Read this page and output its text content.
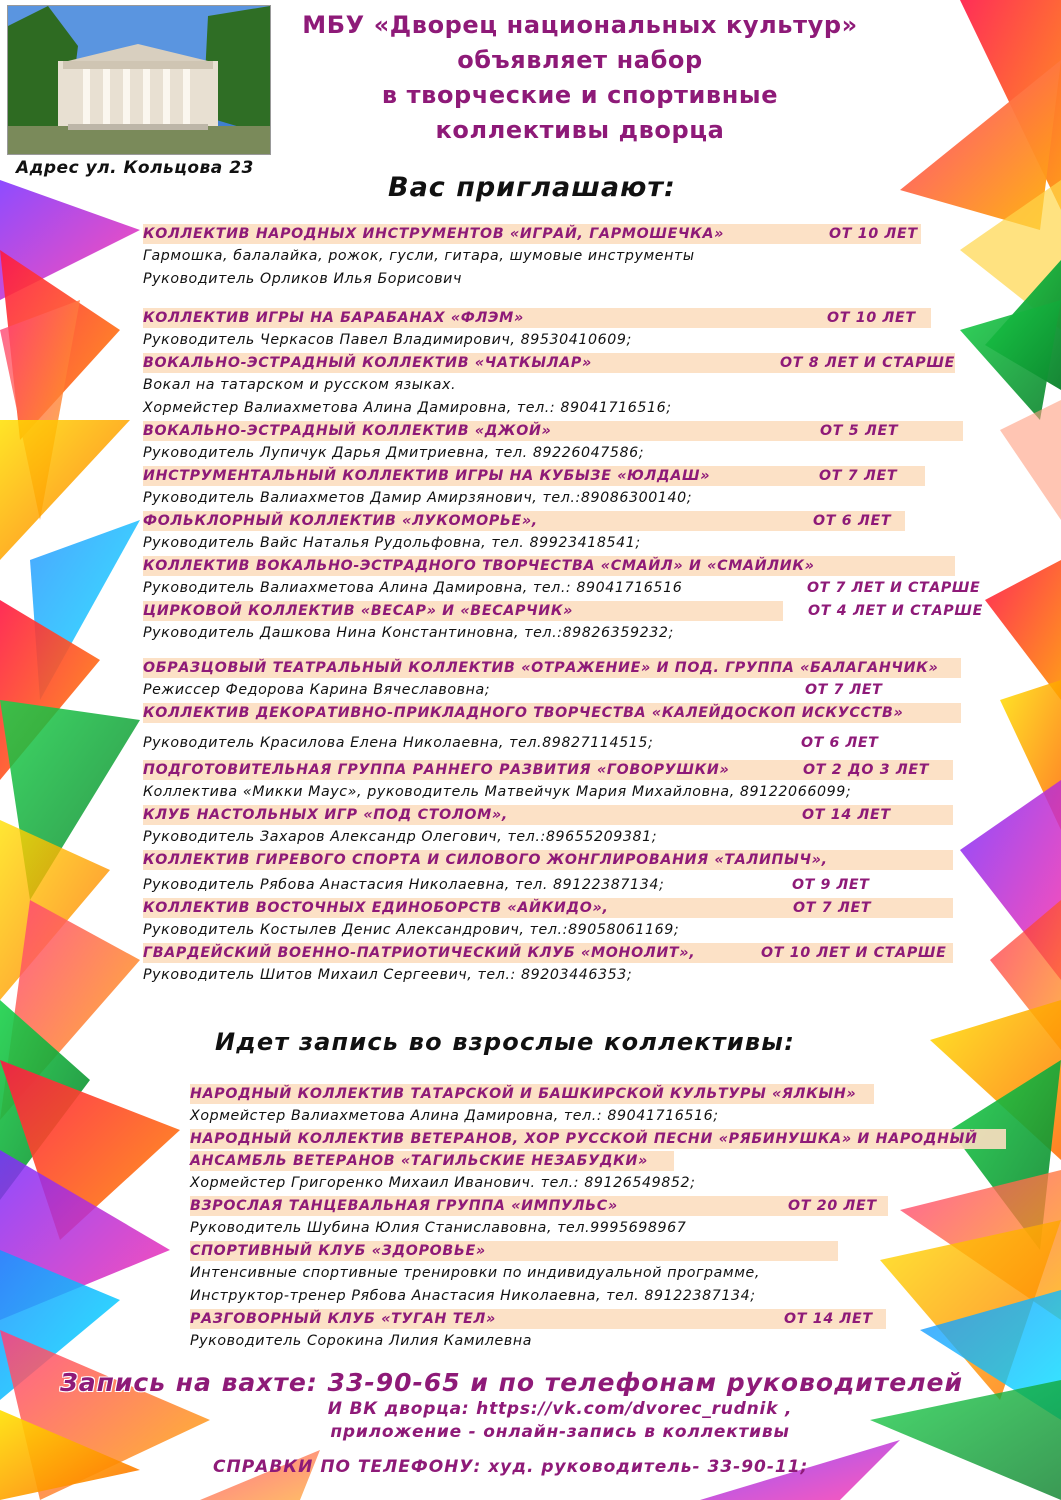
Адрес ул. Кольцова 23
МБУ «Дворец национальных культур»
объявляет набор
в творческие и спортивные
коллективы дворца
Вас приглашают:
КОЛЛЕКТИВ НАРОДНЫХ ИНСТРУМЕНТОВ «ИГРАЙ, ГАРМОШЕЧКА»	ОТ 10 ЛЕТ
Гармошка, балалайка, рожок, гусли, гитара, шумовые инструменты
Руководитель Орликов Илья Борисович
КОЛЛЕКТИВ ИГРЫ НА БАРАБАНАХ «ФЛЭМ»	ОТ 10 ЛЕТ
Руководитель Черкасов Павел Владимирович, 89530410609;
ВОКАЛЬНО-ЭСТРАДНЫЙ КОЛЛЕКТИВ «ЧАТКЫЛАР»	ОТ 8 ЛЕТ И СТАРШЕ
Вокал на татарском и русском языках.
Хормейстер Валиахметова Алина Дамировна, тел.: 89041716516;
ВОКАЛЬНО-ЭСТРАДНЫЙ КОЛЛЕКТИВ «ДЖОЙ»	ОТ 5 ЛЕТ
Руководитель Лупичук Дарья Дмитриевна, тел. 89226047586;
ИНСТРУМЕНТАЛЬНЫЙ КОЛЛЕКТИВ ИГРЫ НА КУБЫЗЕ «ЮЛДАШ»	ОТ 7 ЛЕТ
Руководитель Валиахметов Дамир Амирзянович, тел.:89086300140;
ФОЛЬКЛОРНЫЙ КОЛЛЕКТИВ «ЛУКОМОРЬЕ»,	ОТ 6 ЛЕТ
Руководитель Вайс Наталья Рудольфовна, тел. 89923418541;
КОЛЛЕКТИВ ВОКАЛЬНО-ЭСТРАДНОГО ТВОРЧЕСТВА «СМАЙЛ» И «СМАЙЛИК»
Руководитель Валиахметова Алина Дамировна, тел.: 89041716516	ОТ 7 ЛЕТ И СТАРШЕ
ЦИРКОВОЙ КОЛЛЕКТИВ «ВЕСАР» И «ВЕСАРЧИК»	ОТ 4 ЛЕТ И СТАРШЕ
Руководитель Дашкова Нина Константиновна, тел.:89826359232;
ОБРАЗЦОВЫЙ ТЕАТРАЛЬНЫЙ КОЛЛЕКТИВ «ОТРАЖЕНИЕ» И ПОД. ГРУППА «БАЛАГАНЧИК»
Режиссер Федорова Карина Вячеславовна;	ОТ 7 ЛЕТ
КОЛЛЕКТИВ ДЕКОРАТИВНО-ПРИКЛАДНОГО ТВОРЧЕСТВА «КАЛЕЙДОСКОП ИСКУССТВ»
Руководитель Красилова Елена Николаевна, тел.89827114515;	ОТ 6 ЛЕТ
ПОДГОТОВИТЕЛЬНАЯ ГРУППА РАННЕГО РАЗВИТИЯ «ГОВОРУШКИ»	ОТ 2 ДО 3 ЛЕТ
Коллектива «Микки Маус», руководитель Матвейчук Мария Михайловна, 89122066099;
КЛУБ НАСТОЛЬНЫХ ИГР «ПОД СТОЛОМ»,	ОТ 14 ЛЕТ
Руководитель Захаров Александр Олегович, тел.:89655209381;
КОЛЛЕКТИВ ГИРЕВОГО СПОРТА И СИЛОВОГО ЖОНГЛИРОВАНИЯ «ТАЛИПЫЧ»,
Руководитель Рябова Анастасия Николаевна, тел. 89122387134;	ОТ 9 ЛЕТ
КОЛЛЕКТИВ ВОСТОЧНЫХ ЕДИНОБОРСТВ «АЙКИДО»,	ОТ 7 ЛЕТ
Руководитель Костылев Денис Александрович, тел.:89058061169;
ГВАРДЕЙСКИЙ ВОЕННО-ПАТРИОТИЧЕСКИЙ КЛУБ «МОНОЛИТ»,	ОТ 10 ЛЕТ И СТАРШЕ
Руководитель Шитов Михаил Сергеевич, тел.: 89203446353;
Идет запись во взрослые коллективы:
НАРОДНЫЙ КОЛЛЕКТИВ ТАТАРСКОЙ И БАШКИРСКОЙ КУЛЬТУРЫ «ЯЛКЫН»
Хормейстер Валиахметова Алина Дамировна, тел.: 89041716516;
НАРОДНЫЙ КОЛЛЕКТИВ ВЕТЕРАНОВ, ХОР РУССКОЙ ПЕСНИ «РЯБИНУШКА» И НАРОДНЫЙ
АНСАМБЛЬ ВЕТЕРАНОВ «ТАГИЛЬСКИЕ НЕЗАБУДКИ»
Хормейстер Григоренко Михаил Иванович. тел.: 89126549852;
ВЗРОСЛАЯ ТАНЦЕВАЛЬНАЯ ГРУППА «ИМПУЛЬС»	ОТ 20 ЛЕТ
Руководитель Шубина Юлия Станиславовна, тел.9995698967
СПОРТИВНЫЙ КЛУБ «ЗДОРОВЬЕ»
Интенсивные спортивные тренировки по индивидуальной программе,
Инструктор-тренер Рябова Анастасия Николаевна, тел. 89122387134;
РАЗГОВОРНЫЙ КЛУБ «ТУГАН ТЕЛ»	ОТ 14 ЛЕТ
Руководитель Сорокина Лилия Камилевна
Запись на вахте: 33-90-65 и по телефонам руководителей
И ВК дворца: https://vk.com/dvorec_rudnik ,
приложение - онлайн-запись в коллективы
СПРАВКИ ПО ТЕЛЕФОНУ: худ. руководитель- 33-90-11;
